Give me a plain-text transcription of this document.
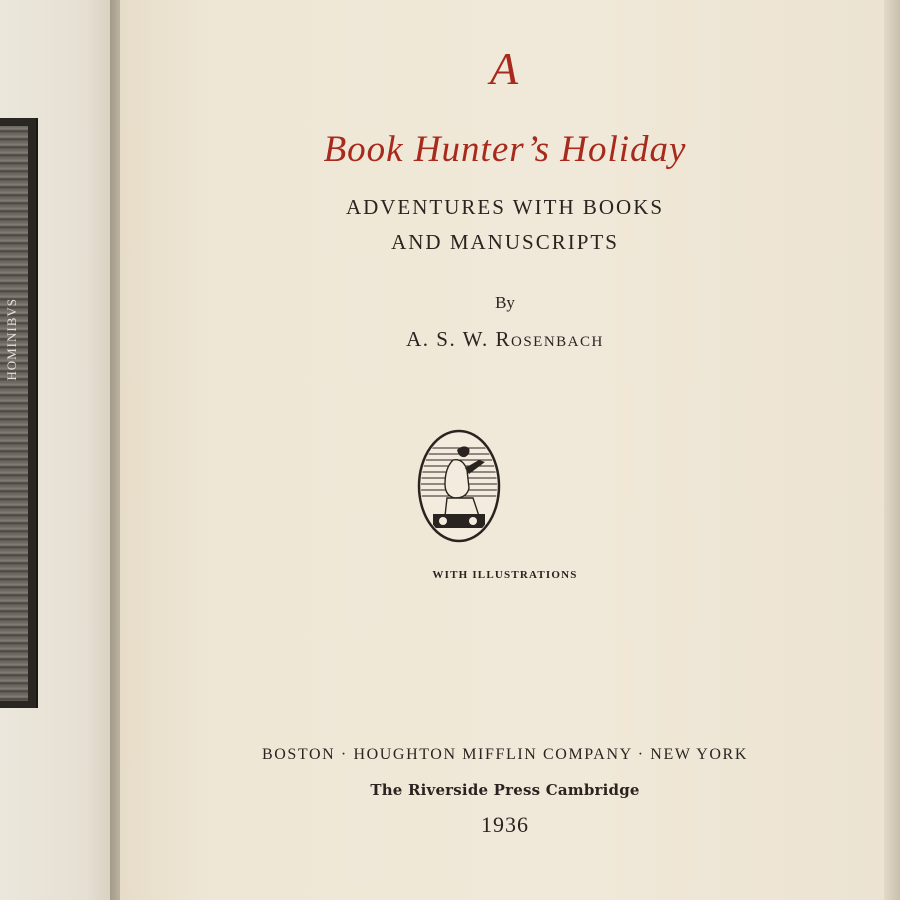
HOMINIBVS
A
Book Hunter’s Holiday
ADVENTURES WITH BOOKS
AND MANUSCRIPTS
By
A. S. W. ROSENBACH
WITH ILLUSTRATIONS
BOSTON · HOUGHTON MIFFLIN COMPANY · NEW YORK
The Riverside Press Cambridge
1936
